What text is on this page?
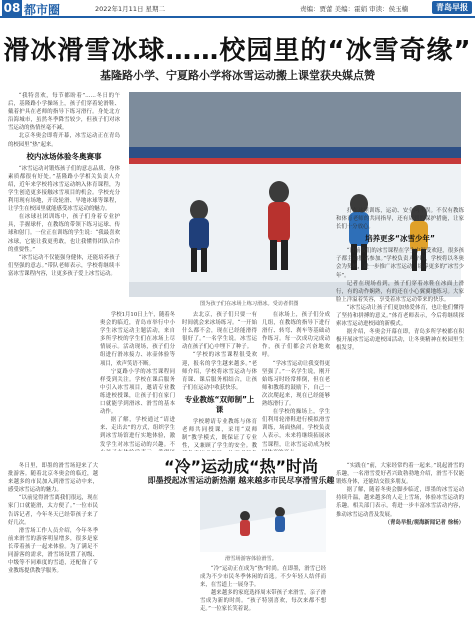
08 都市圈	2022年1月11日 星期二	责编：贾蕾 美编：霍娟 审读：侯玉楠	青岛早报
滑冰滑雪冰球……校园里的“冰雪奇缘”
基隆路小学、宁夏路小学将冰雪运动搬上课堂获央媒点赞

“我特喜欢，每节都盼着”……冬日的午后，基隆路小学操场上，孩子们穿着轮滑鞋、戴着护具在老师的指导下练习滑行。身处北方沿海城市，虽然冬季降雪较少，但孩子们对冰雪运动的热情丝毫不减。

北京冬奥会即将开幕，冰雪运动正在青岛的校园里“热”起来。

校内冰场体验冬奥赛事

“冰雪运动对锻炼孩子们的意志品质、身体素质都很有好处。”基隆路小学相关负责人介绍，近年来学校将冰雪运动纳入体育课程，为学生创造更多接触冰雪项目的机会。学校充分利用现有场地，开设轮滑、旱地冰球等课程，让学生在校园里就能感受冰雪运动的魅力。

在冰球社团训练中，孩子们身着专业护具，手握球杆，在教练的带领下练习运球、传球和射门。一位正在训练的学生说：“我最喜欢冰球，它能让我更勇敢，也让我懂得团队合作的重要性。”

“冰雪运动不仅能强身健体，还能培养孩子们坚强的意志。”带队老师表示，学校将继续丰富冰雪课程内容，让更多孩子爱上冰雪运动。

图为孩子们在冰场上练习滑冰。受访者供图

学校1月10日上午，随着冬奥会的临近，青岛市举行中小学生冰雪运动主题活动，来自多所学校的学生们在冰场上尽情展示。活动现场，孩子们分组进行滑冰接力、冰壶体验等项目，欢声笑语不断。

宁夏路小学的冰雪课程同样受到关注。学校在课后服务中引入冰雪项目，邀请专业教练进校授课，让孩子们在家门口就能学到滑冰、滑雪的基本动作。

据了解，学校通过“请进来、走出去”的方式，组织学生到冰雪场馆进行实地体验，激发学生对冰雪运动的兴趣。不

去北京，孩子们只要一有时间就会来冰场练习。“一开始什么都不会，现在已经能滑得很好了。”一名学生说。冰雪运动在孩子们心中埋下了种子。

“学校的冰雪课程很受欢迎，报名的学生越来越多。”老师介绍，学校将冰雪运动与体育课、课后服务相结合，让孩子们在运动中收获快乐。

专业教练“双师制”上课

学校聘请专业教练与体育老师共同授课，采用“双师制”教学模式，既保证了专业性，又兼顾了学生的安全。教

在冰场上，孩子们分成几组，在教练的指导下进行滑行、转弯、刹车等基础动作练习。每一次成功完成动作，孩子们都会兴奋地欢呼。

“学冰雪运动让我变得更坚强了。”一名学生说，刚开始练习时经常摔倒，但在老师和教练的鼓励下，自己一次次爬起来，现在已经能够熟练滑行了。

在学校的操场上，学生们利用轮滑鞋进行模拟滑雪训练，场面热闹。学校负责人表示，未来将继续拓展冰雪课程，让冰雪运动成为校

打在这里训练，运动、安全两不误。不仅有教练和体育老师的共同指导，还有周到的保护措施，让家长们十分放心。

培养更多“冰雪少年”

“目前我们的冰雪课程在学生中很受欢迎，很多孩子都主动报名参加。”学校负责人介绍，学校将以冬奥会为契机，进一步推广冰雪运动，培养更多的“冰雪少年”。

记者在现场看到，孩子们穿着冰鞋在冰面上滑行，有的动作娴熟，有的还在小心翼翼地练习。大家脸上洋溢着笑容，享受着冰雪运动带来的快乐。

“冰雪运动让孩子们更加热爱体育，也让他们懂得了坚持和拼搏的意义。”体育老师表示，今后将继续探索冰雪运动进校园的新模式。

据介绍，冬奥会开幕在即，青岛多所学校都在积极开展冰雪运动进校园活动，让冬奥精神在校园里生根发芽。

“冷”运动成“热”时尚
即墨授起冰雪运动新热潮 越来越多市民尽享滑雪乐趣

冬日里，即墨的滑雪场迎来了大批游客。随着北京冬奥会的临近，越来越多的市民加入到滑雪运动中来，感受冰雪运动的魅力。

“以前觉得滑雪离我们很远，现在家门口就能滑，太方便了。”一位市民告诉记者，今年冬天已经带孩子来了好几次。

滑雪场工作人员介绍，今年冬季前来滑雪的游客明显增多，很多是家长带着孩子一起来体验。为了满足不同游客的需求，滑雪场设置了初级、中级等不同难度的雪道，还配备了专业教练提供教学服务。

滑雪场游客体验滑雪。

“冷”运动正在成为“热”时尚。在即墨，滑雪已经成为不少市民冬季休闲的首选。不少年轻人结伴而来，在雪道上一展身手。

越来越多的家庭选择周末带孩子来滑雪，亲子滑雪成为新的时尚。“孩子特别喜欢，每次来都不想走。”一位家长笑着说。

“实践在”前，大家经常约着一起来。”说起滑雪的乐趣，一名滑雪爱好者兴致勃勃地介绍，滑雪不仅能锻炼身体，还能结交很多朋友。

据了解，随着冬奥会脚步临近，即墨的冰雪运动持续升温，越来越多的人走上雪场，体验冰雪运动的乐趣。相关部门表示，将进一步丰富冰雪活动内容，推动冰雪运动普及发展。

（青岛早报/观海新闻记者 徐杨）
